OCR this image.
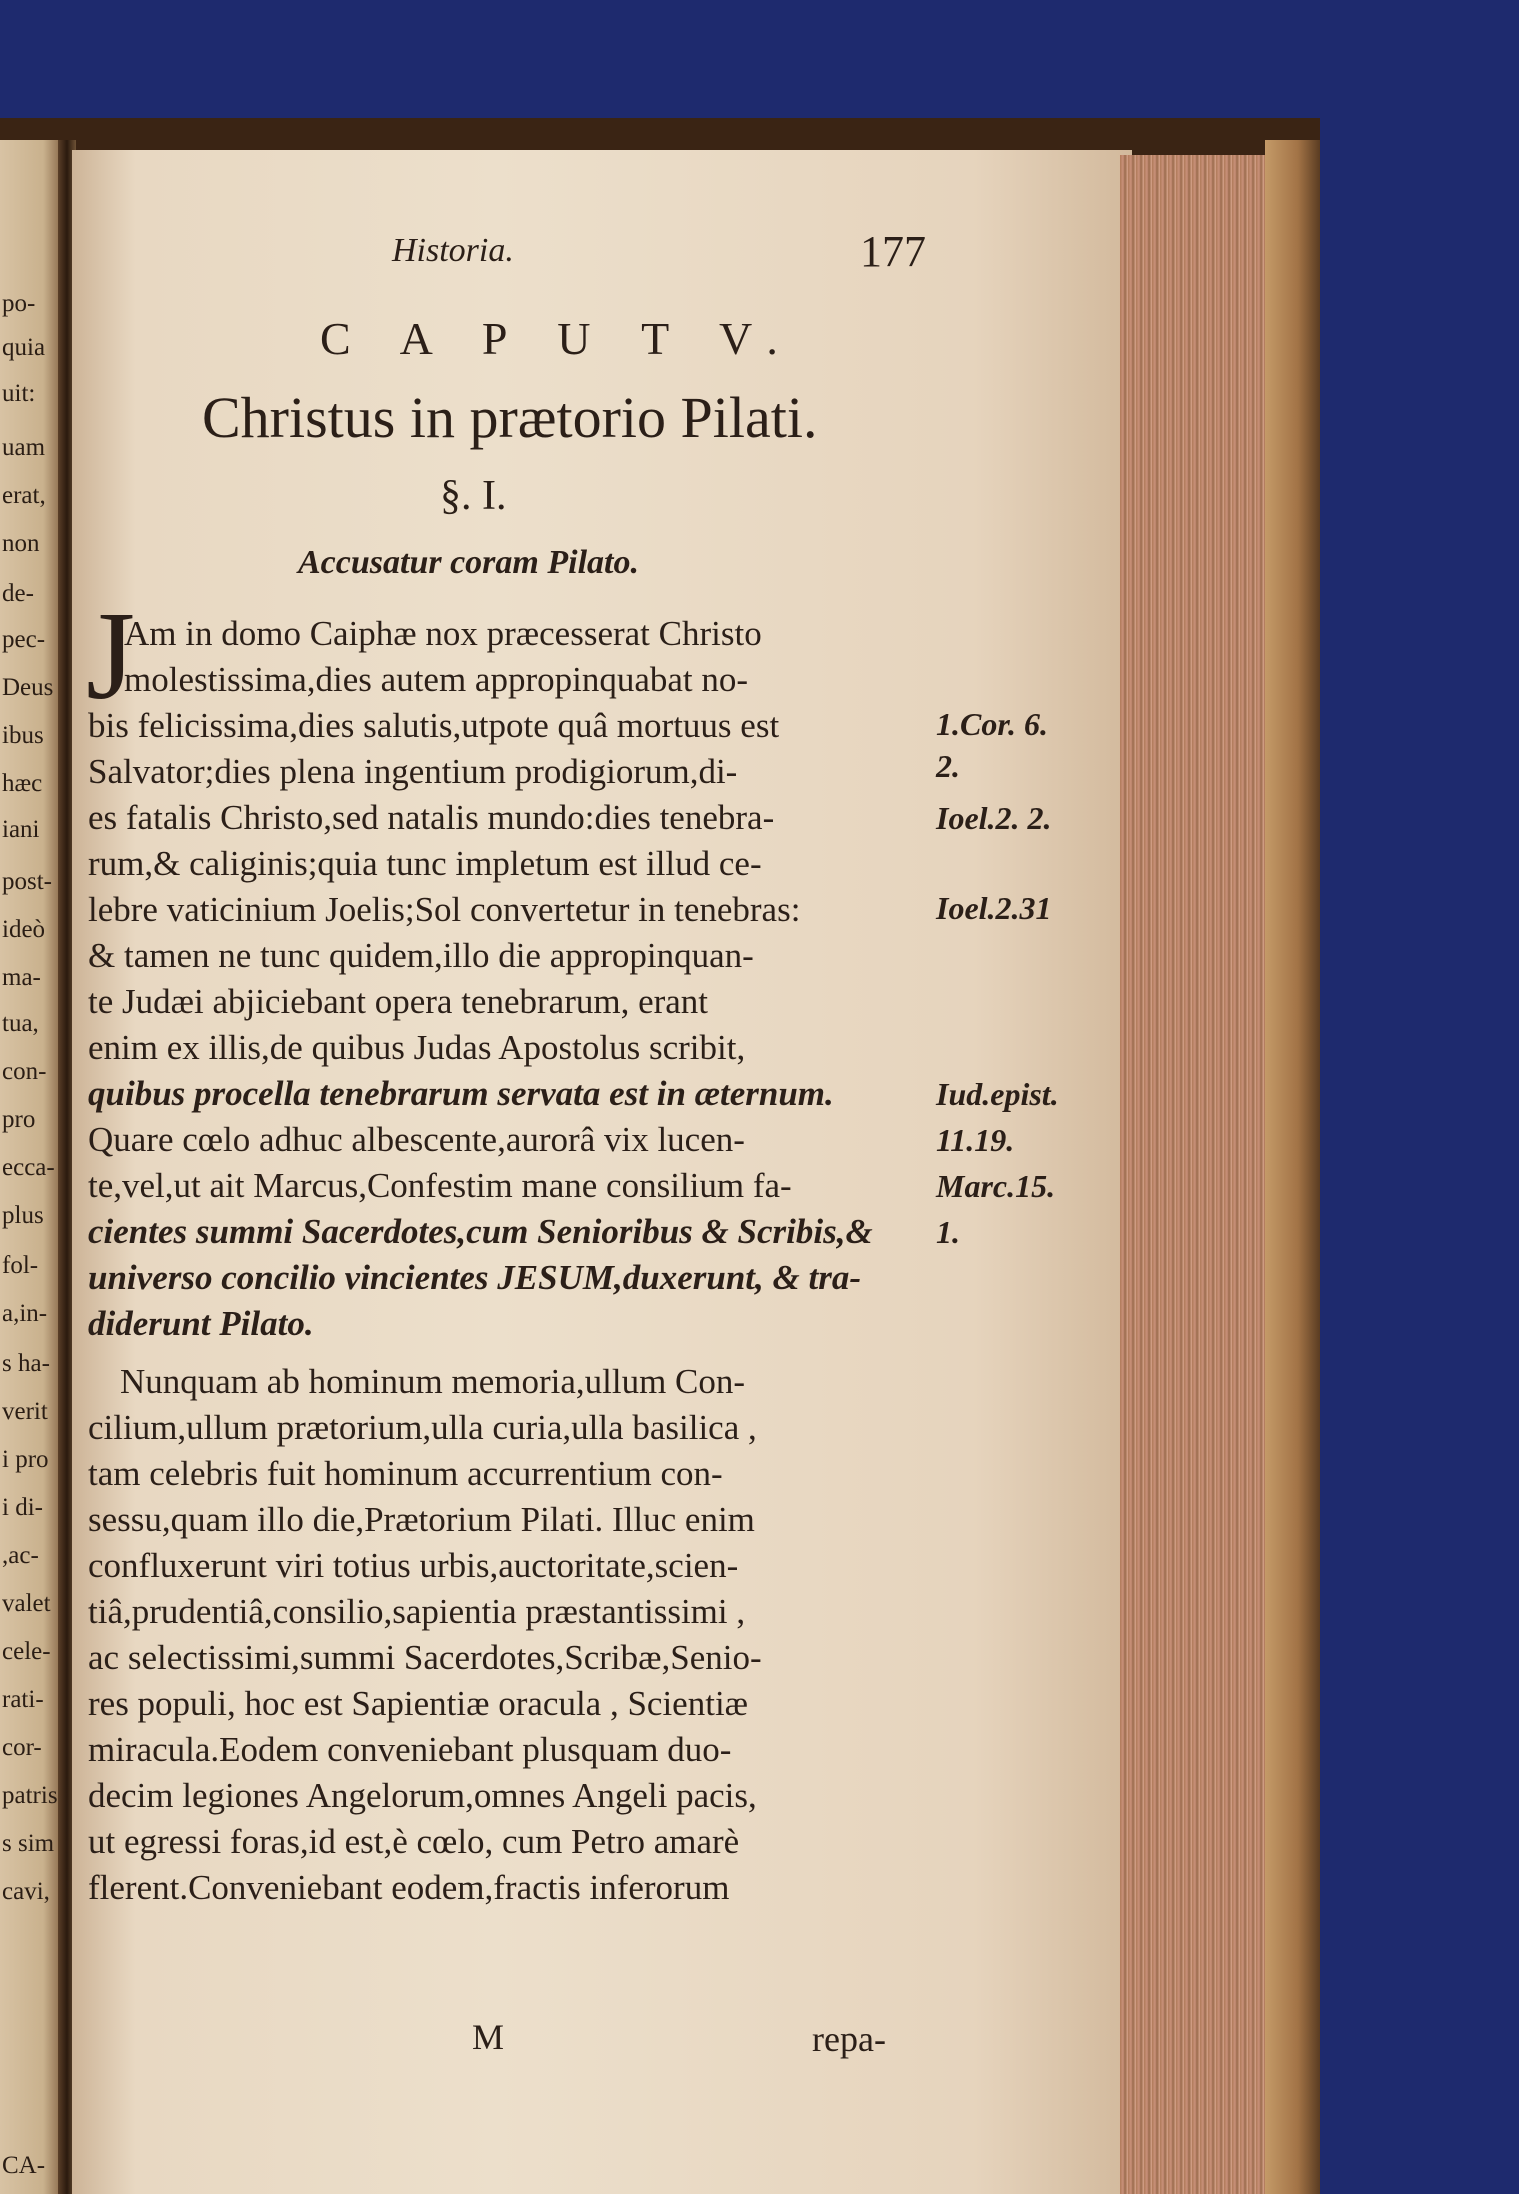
po-
quia
uit:
uam
erat,
non
de-
pec-
Deus
ibus
hæc
iani
post-
ideò
ma-
tua,
con-
pro
ecca-
plus
fol-
a,in-
s ha-
verit
i pro
i di-
,ac-
valet
cele-
rati-
cor-
patris
s sim
cavi,
CA-
Historia.	177
C A P U T V.
Christus in prætorio Pilati.
§. I.
Accusatur coram Pilato.
J
Am in domo Caiphæ nox præcesserat Christo
molestissima,dies autem appropinquabat no-
bis felicissima,dies salutis,utpote quâ mortuus est
Salvator;dies plena ingentium prodigiorum,di-
es fatalis Christo,sed natalis mundo:dies tenebra-
rum,& caliginis;quia tunc impletum est illud ce-
lebre vaticinium Joelis;Sol convertetur in tenebras:
& tamen ne tunc quidem,illo die appropinquan-
te Judæi abjiciebant opera tenebrarum, erant
enim ex illis,de quibus Judas Apostolus scribit,
quibus procella tenebrarum servata est in æternum.
Quare cœlo adhuc albescente,aurorâ vix lucen-
te,vel,ut ait Marcus,Confestim mane consilium fa-
cientes summi Sacerdotes,cum Senioribus & Scribis,&
universo concilio vincientes JESUM,duxerunt, & tra-
diderunt Pilato.
Nunquam ab hominum memoria,ullum Con-
cilium,ullum prætorium,ulla curia,ulla basilica ,
tam celebris fuit hominum accurrentium con-
sessu,quam illo die,Prætorium Pilati. Illuc enim
confluxerunt viri totius urbis,auctoritate,scien-
tiâ,prudentiâ,consilio,sapientia præstantissimi ,
ac selectissimi,summi Sacerdotes,Scribæ,Senio-
res populi, hoc est Sapientiæ oracula , Scientiæ
miracula.Eodem conveniebant plusquam duo-
decim legiones Angelorum,omnes Angeli pacis,
ut egressi foras,id est,è cœlo, cum Petro amarè
flerent.Conveniebant eodem,fractis inferorum
1.Cor. 6.
2.
Ioel.2. 2.
Ioel.2.31
Iud.epist.
11.19.
Marc.15.
1.
M	repa-
